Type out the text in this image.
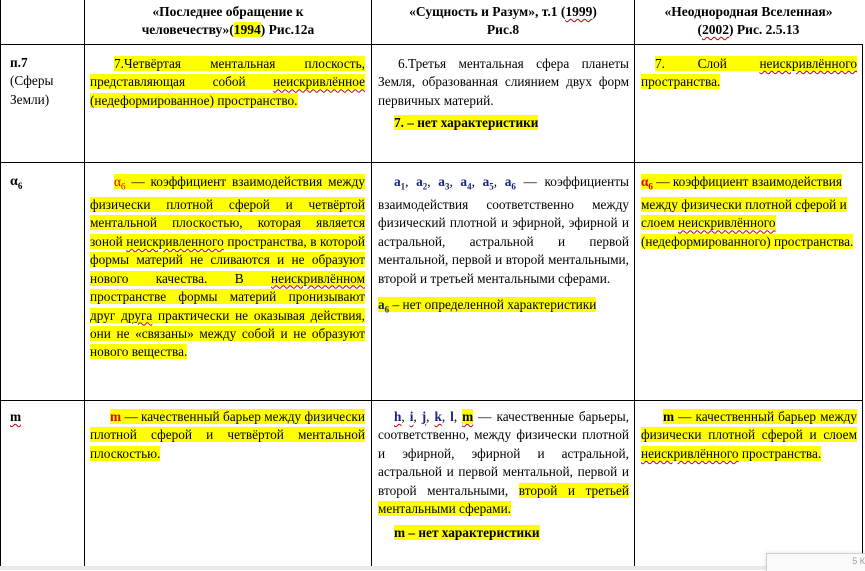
«Последнее обращение к
человечеству»(1994) Рис.12а
«Сущность и Разум», т.1 (1999)
Рис.8
«Неоднородная Вселенная»
(2002) Рис. 2.5.13
п.7
(Сферы
Земли)
7.Четвёртая ментальная плоскость, представляющая собой неискривлённое (недеформированное) пространство.
6.Третья ментальная сфера планеты Земля, образованная слиянием двух форм первичных материй.
7. – нет характеристики
7. Слой неискривлённого пространства.
$\alpha_6$	$\alpha_6$ — коэффициент взаимодействия между физически плотной сферой и четвёртой ментальной плоскостью, которая является зоной неискривленного пространства, в которой формы материй не сливаются и не образуют нового качества. В неискривлённом пространстве формы материй пронизывают друг друга практически не оказывая действия, они не «связаны» между собой и не образуют нового вещества.
$a_1$, $a_2$, $a_3$, $a_4$, $a_5$, $a_6$ — коэффициенты взаимодействия соответственно между физический плотной и эфирной, эфирной и астральной, астральной и первой ментальной, первой и второй ментальными, второй и третьей ментальными сферами.
$a_6$ – нет определенной характеристики
$\alpha_6$ — коэффициент взаимодействия между физически плотной сферой и слоем неискривлённого (недеформированного) пространства.
m	m — качественный барьер между физически плотной сферой и четвёртой ментальной плоскостью.
h, i, j, k, l, m — качественные барьеры, соответственно, между физически плотной и эфирной, эфирной и астральной, астральной и первой ментальной, первой и второй ментальными, второй и третьей ментальными сферами.
m – нет характеристики
m — качественный барьер между физически плотной сферой и слоем неискривлённого пространства.
5 К
